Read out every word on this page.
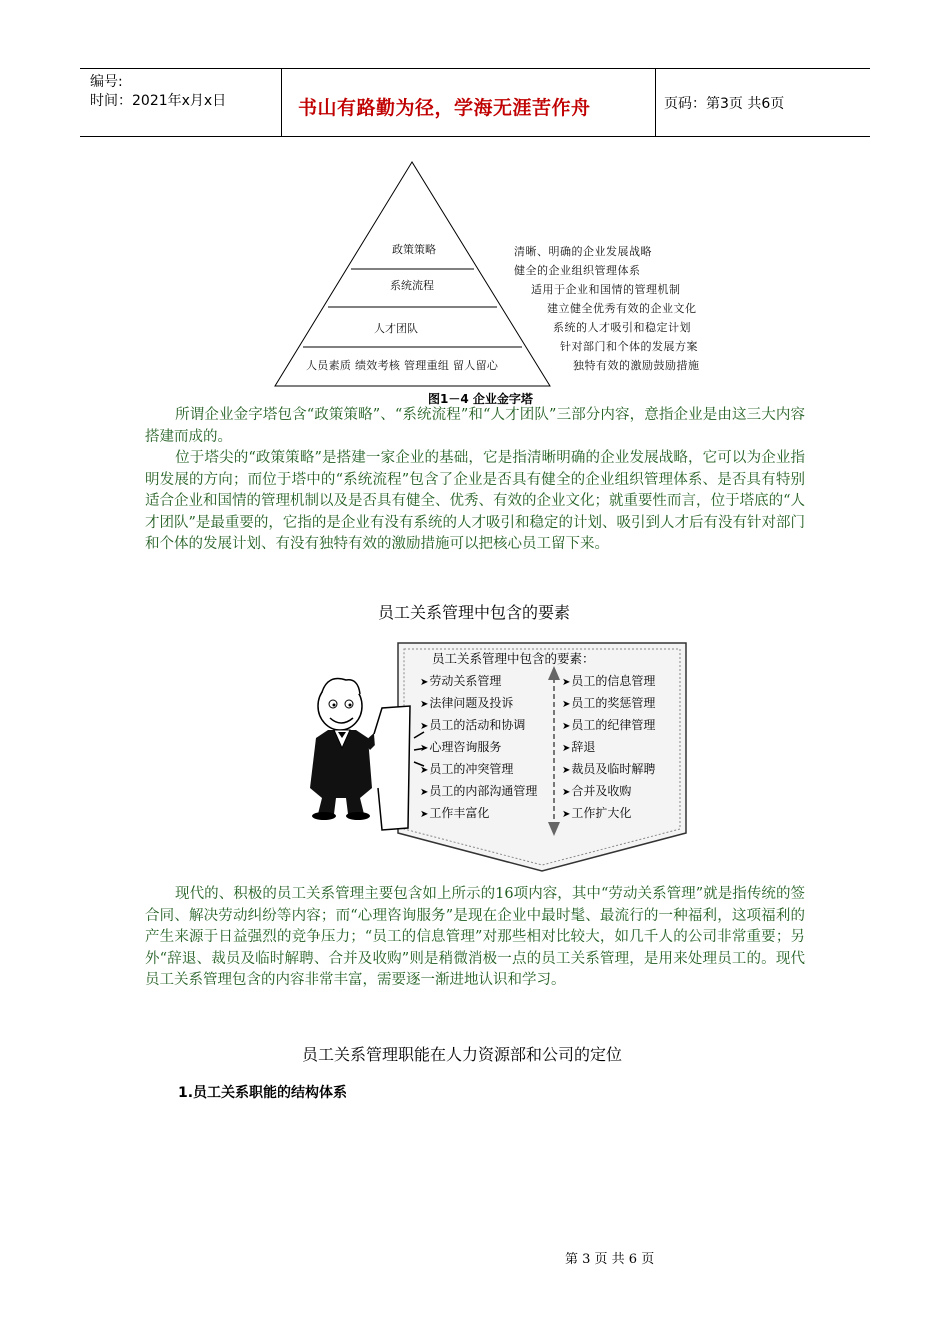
编号:
时间：2021年x月x日	书山有路勤为径，学海无涯苦作舟	页码：第3页 共6页
政策策略
系统流程
人才团队
人员素质 绩效考核 管理重组 留人留心
清晰、明确的企业发展战略
健全的企业组织管理体系
适用于企业和国情的管理机制
建立健全优秀有效的企业文化
系统的人才吸引和稳定计划
针对部门和个体的发展方案
独特有效的激励鼓励措施
图1－4 企业金字塔
所谓企业金字塔包含“政策策略”、“系统流程”和“人才团队”三部分内容，意指企业是由这三大内容搭建而成的。
位于塔尖的“政策策略”是搭建一家企业的基础，它是指清晰明确的企业发展战略，它可以为企业指明发展的方向；而位于塔中的“系统流程”包含了企业是否具有健全的企业组织管理体系、是否具有特别适合企业和国情的管理机制以及是否具有健全、优秀、有效的企业文化；就重要性而言，位于塔底的“人才团队”是最重要的，它指的是企业有没有系统的人才吸引和稳定的计划、吸引到人才后有没有针对部门和个体的发展计划、有没有独特有效的激励措施可以把核心员工留下来。
员工关系管理中包含的要素
员工关系管理中包含的要素：
➤劳动关系管理
➤法律问题及投诉
➤员工的活动和协调
➤心理咨询服务
➤员工的冲突管理
➤员工的内部沟通管理
➤工作丰富化
➤员工的信息管理
➤员工的奖惩管理
➤员工的纪律管理
➤辞退
➤裁员及临时解聘
➤合并及收购
➤工作扩大化
现代的、积极的员工关系管理主要包含如上所示的16项内容，其中“劳动关系管理”就是指传统的签合同、解决劳动纠纷等内容；而“心理咨询服务”是现在企业中最时髦、最流行的一种福利，这项福利的产生来源于日益强烈的竞争压力；“员工的信息管理”对那些相对比较大，如几千人的公司非常重要；另外“辞退、裁员及临时解聘、合并及收购”则是稍微消极一点的员工关系管理，是用来处理员工的。现代员工关系管理包含的内容非常丰富，需要逐一渐进地认识和学习。
员工关系管理职能在人力资源部和公司的定位
1.员工关系职能的结构体系
第 3 页 共 6 页
